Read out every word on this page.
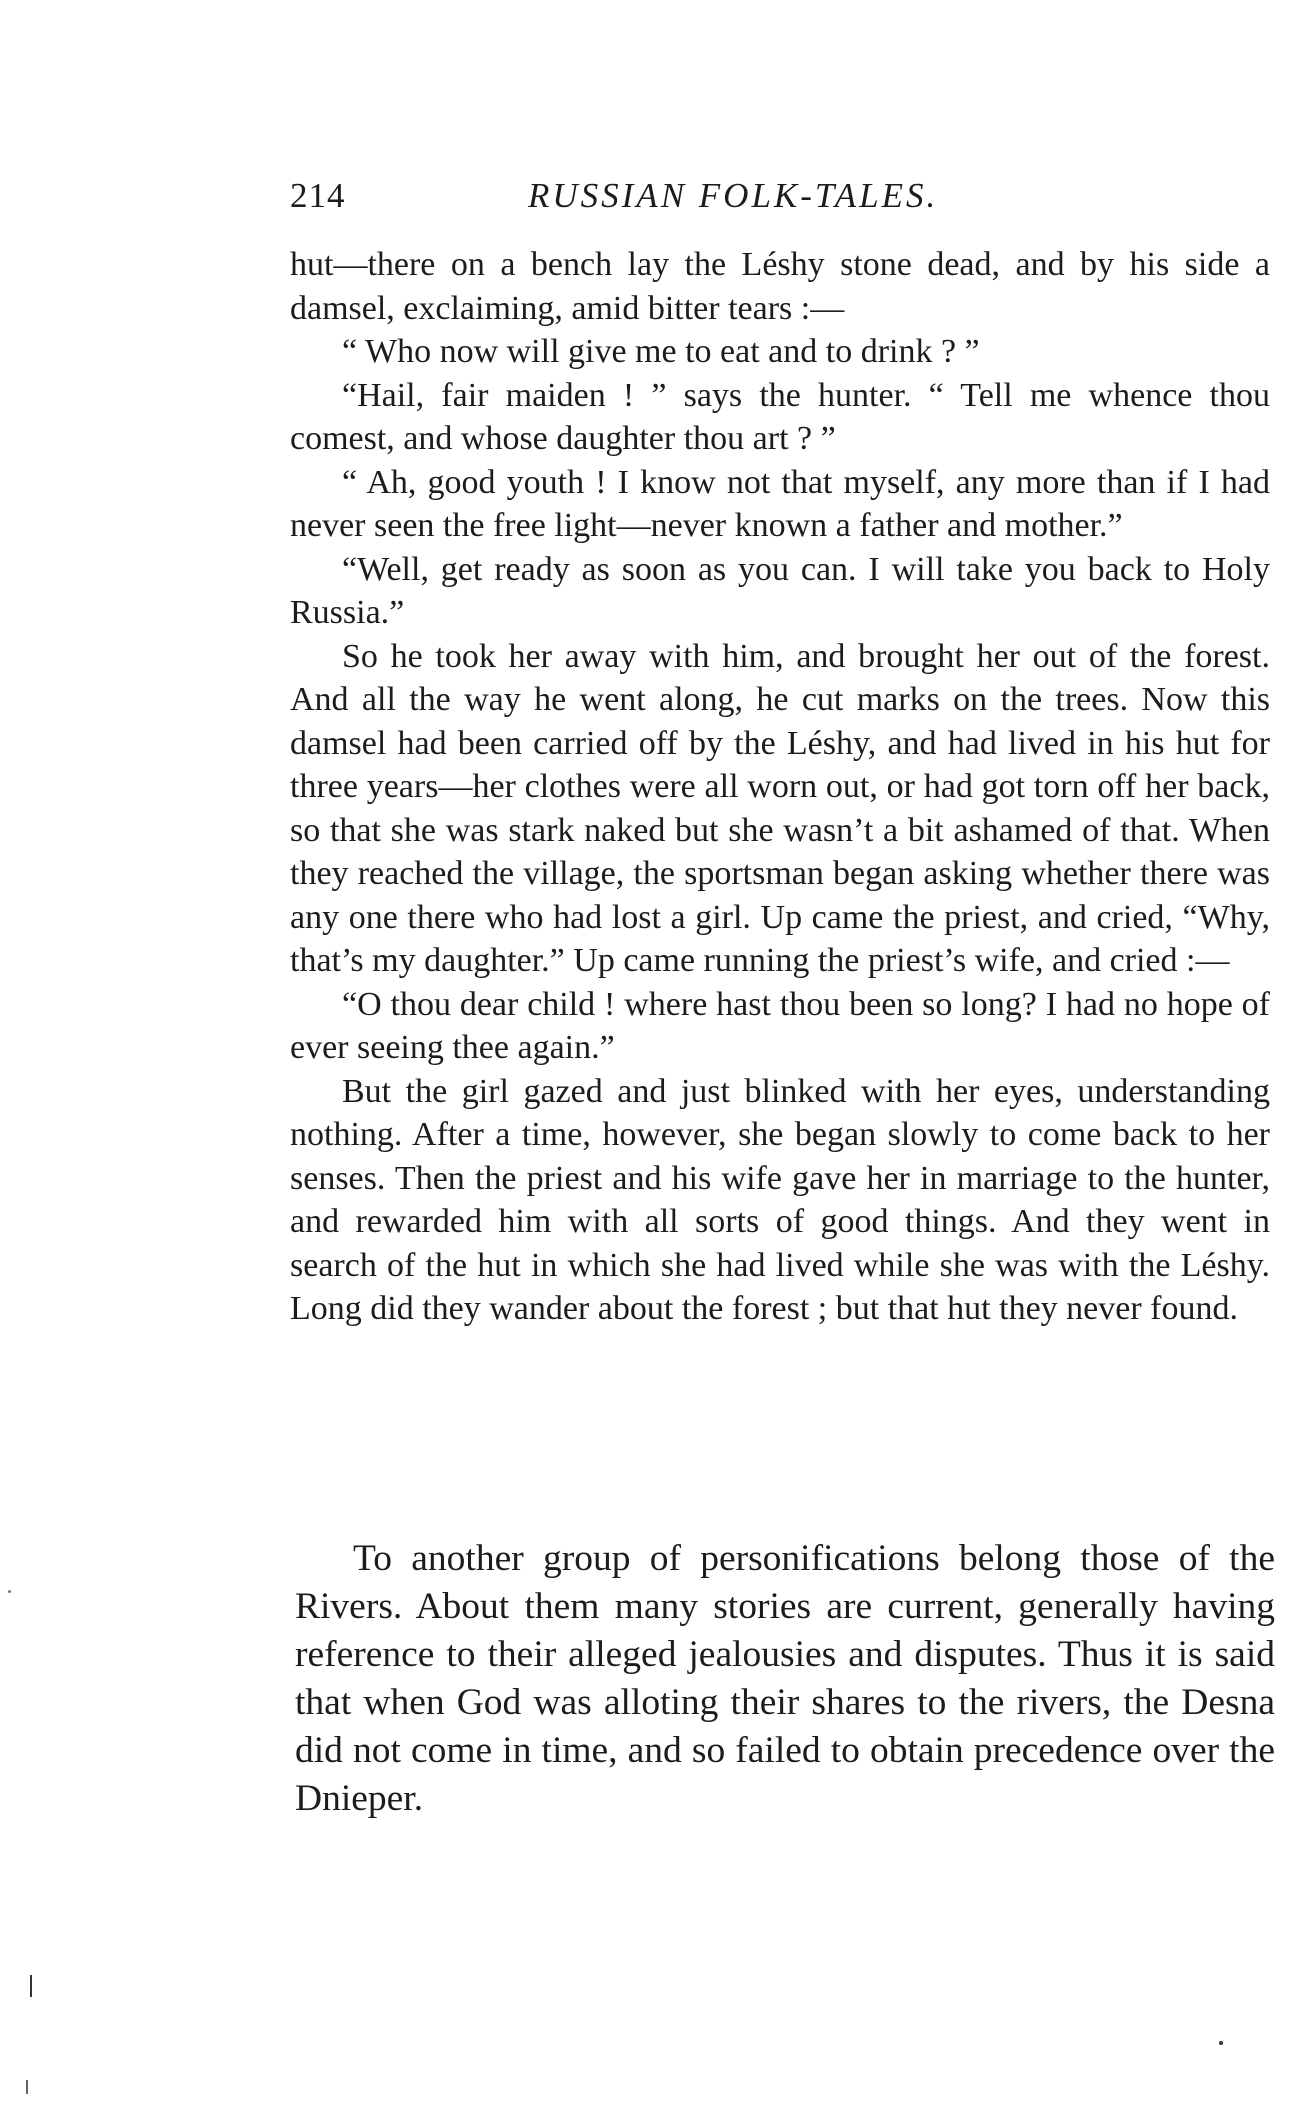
214	RUSSIAN FOLK-TALES.

hut—there on a bench lay the Léshy stone dead, and by his side a damsel, exclaiming, amid bitter tears :—

“ Who now will give me to eat and to drink ? ”

“Hail, fair maiden ! ” says the hunter. “ Tell me whence thou comest, and whose daughter thou art ? ”

“ Ah, good youth ! I know not that myself, any more than if I had never seen the free light—never known a father and mother.”

“Well, get ready as soon as you can. I will take you back to Holy Russia.”

So he took her away with him, and brought her out of the forest. And all the way he went along, he cut marks on the trees. Now this damsel had been carried off by the Léshy, and had lived in his hut for three years—her clothes were all worn out, or had got torn off her back, so that she was stark naked but she wasn’t a bit ashamed of that. When they reached the village, the sportsman began asking whether there was any one there who had lost a girl. Up came the priest, and cried, “Why, that’s my daughter.” Up came running the priest’s wife, and cried :—

“O thou dear child ! where hast thou been so long? I had no hope of ever seeing thee again.”

But the girl gazed and just blinked with her eyes, understanding nothing. After a time, however, she began slowly to come back to her senses. Then the priest and his wife gave her in marriage to the hunter, and rewarded him with all sorts of good things. And they went in search of the hut in which she had lived while she was with the Léshy. Long did they wander about the forest ; but that hut they never found.

To another group of personifications belong those of the Rivers. About them many stories are current, generally having reference to their alleged jealousies and disputes. Thus it is said that when God was alloting their shares to the rivers, the Desna did not come in time, and so failed to obtain precedence over the Dnieper.
